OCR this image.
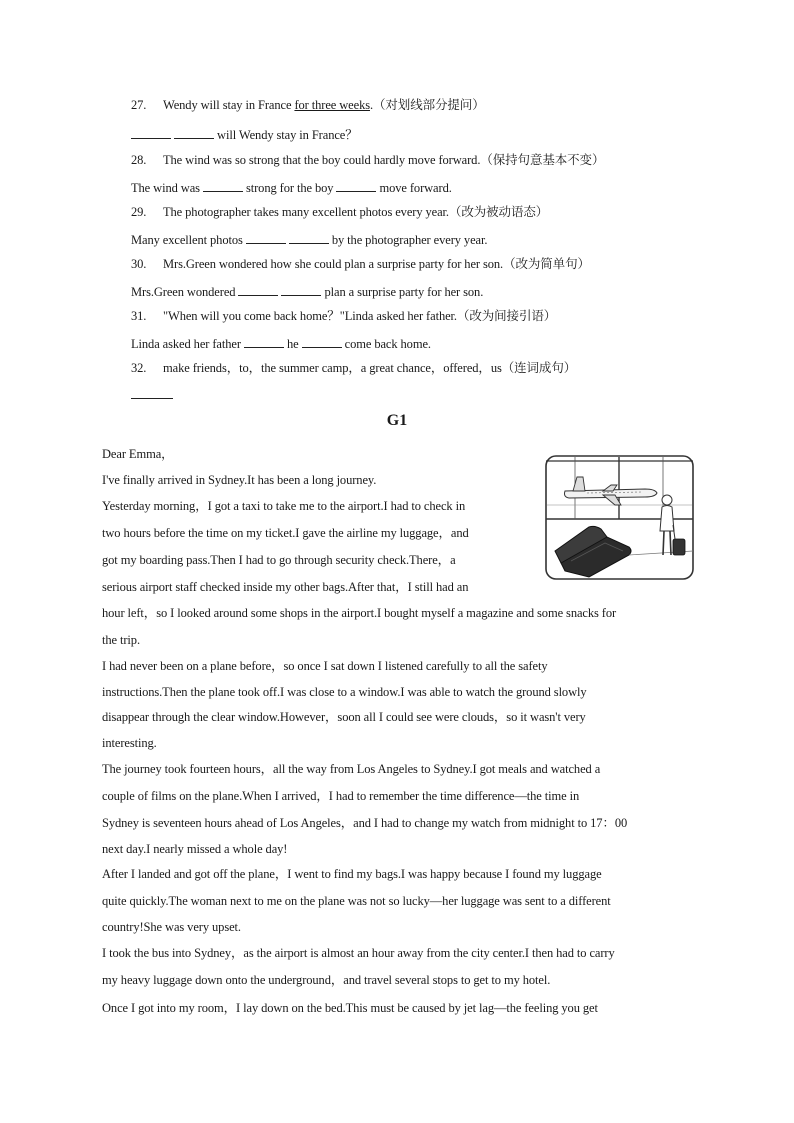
27. Wendy will stay in France for three weeks.（对划线部分提问）
will Wendy stay in France？
28. The wind was so strong that the boy could hardly move forward.（保持句意基本不变）
The wind was	strong for the boy	move forward.
29. The photographer takes many excellent photos every year.（改为被动语态）
Many excellent photos	by the photographer every year.
30. Mrs.Green wondered how she could plan a surprise party for her son.（改为简单句）
Mrs.Green wondered	plan a surprise party for her son.
31. "When will you come back home？"Linda asked her father.（改为间接引语）
Linda asked her father	he	come back home.
32. make friends，to，the summer camp，a great chance，offered，us（连词成句）
G1
Dear Emma，
I've finally arrived in Sydney.It has been a long journey.
Yesterday morning，I got a taxi to take me to the airport.I had to check in
two hours before the time on my ticket.I gave the airline my luggage，and
got my boarding pass.Then I had to go through security check.There，a
serious airport staff checked inside my other bags.After that，I still had an
hour left，so I looked around some shops in the airport.I bought myself a magazine and some snacks for
the trip.
I had never been on a plane before，so once I sat down I listened carefully to all the safety
instructions.Then the plane took off.I was close to a window.I was able to watch the ground slowly
disappear through the clear window.However，soon all I could see were clouds，so it wasn't very
interesting.
The journey took fourteen hours，all the way from Los Angeles to Sydney.I got meals and watched a
couple of films on the plane.When I arrived，I had to remember the time difference—the time in
Sydney is seventeen hours ahead of Los Angeles，and I had to change my watch from midnight to 17：00
next day.I nearly missed a whole day!
After I landed and got off the plane，I went to find my bags.I was happy because I found my luggage
quite quickly.The woman next to me on the plane was not so lucky—her luggage was sent to a different
country!She was very upset.
I took the bus into Sydney，as the airport is almost an hour away from the city center.I then had to carry
my heavy luggage down onto the underground，and travel several stops to get to my hotel.
Once I got into my room，I lay down on the bed.This must be caused by jet lag—the feeling you get
